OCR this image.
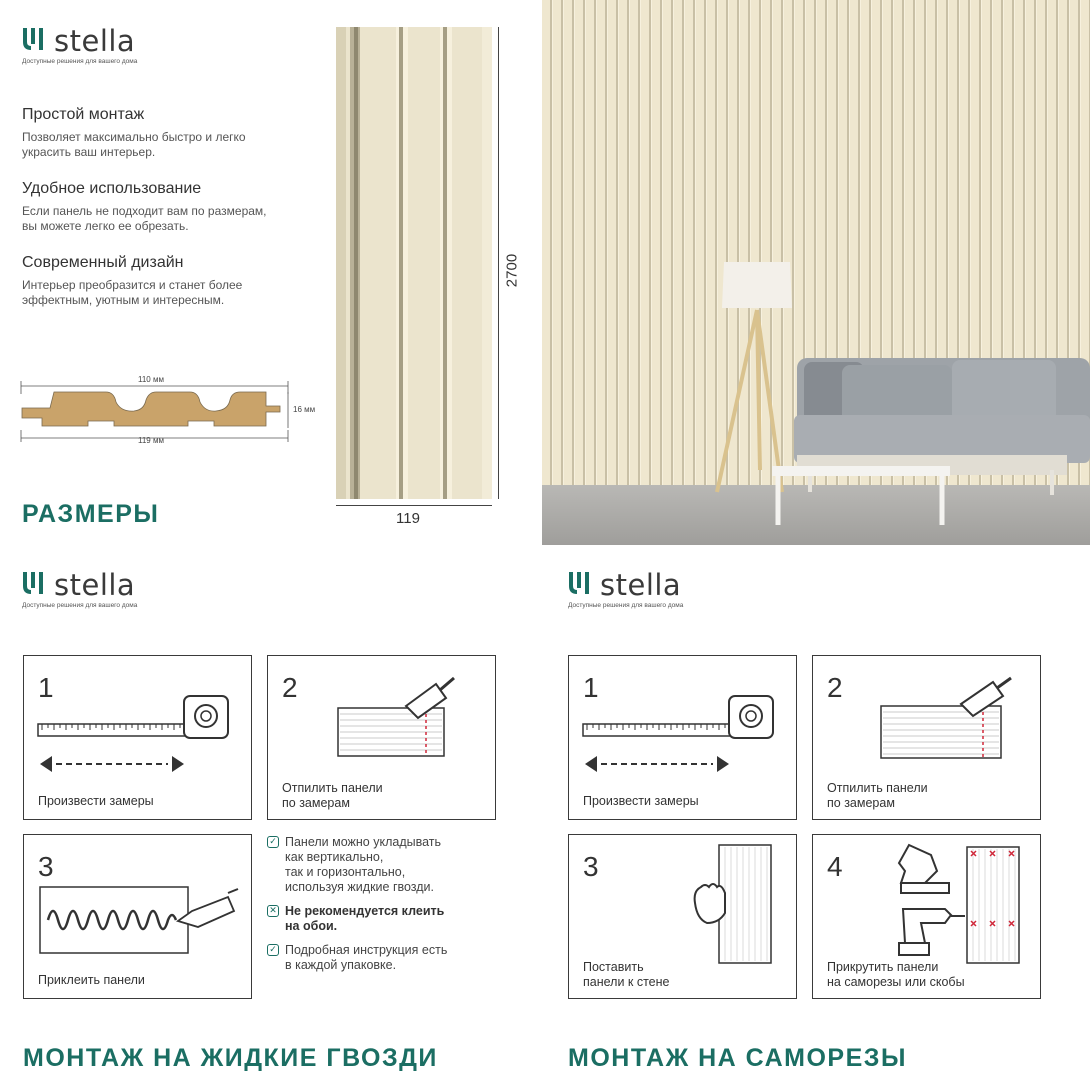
stella
Доступные решения для вашего дома
Простой монтаж
Позволяет максимально быстро и легко
украсить ваш интерьер.
Удобное использование
Если панель не подходит вам по размерам,
вы можете легко ее обрезать.
Современный дизайн
Интерьер преобразится и станет более
эффектным, уютным и интересным.
110 мм
119 мм
16 мм
РАЗМЕРЫ
2700
119
stella
Доступные решения для вашего дома
1
Произвести замеры
2
Отпилить панели
по замерам
3
Приклеить панели
✓ Панели можно укладывать
как вертикально,
так и горизонтально,
используя жидкие гвозди.
✕ Не рекомендуется клеить
на обои.
✓ Подробная инструкция есть
в каждой упаковке.
МОНТАЖ НА ЖИДКИЕ ГВОЗДИ
stella
Доступные решения для вашего дома
1
Произвести замеры
2
Отпилить панели
по замерам
3
Поставить
панели к стене
4
Прикрутить панели
на саморезы или скобы
МОНТАЖ НА САМОРЕЗЫ
